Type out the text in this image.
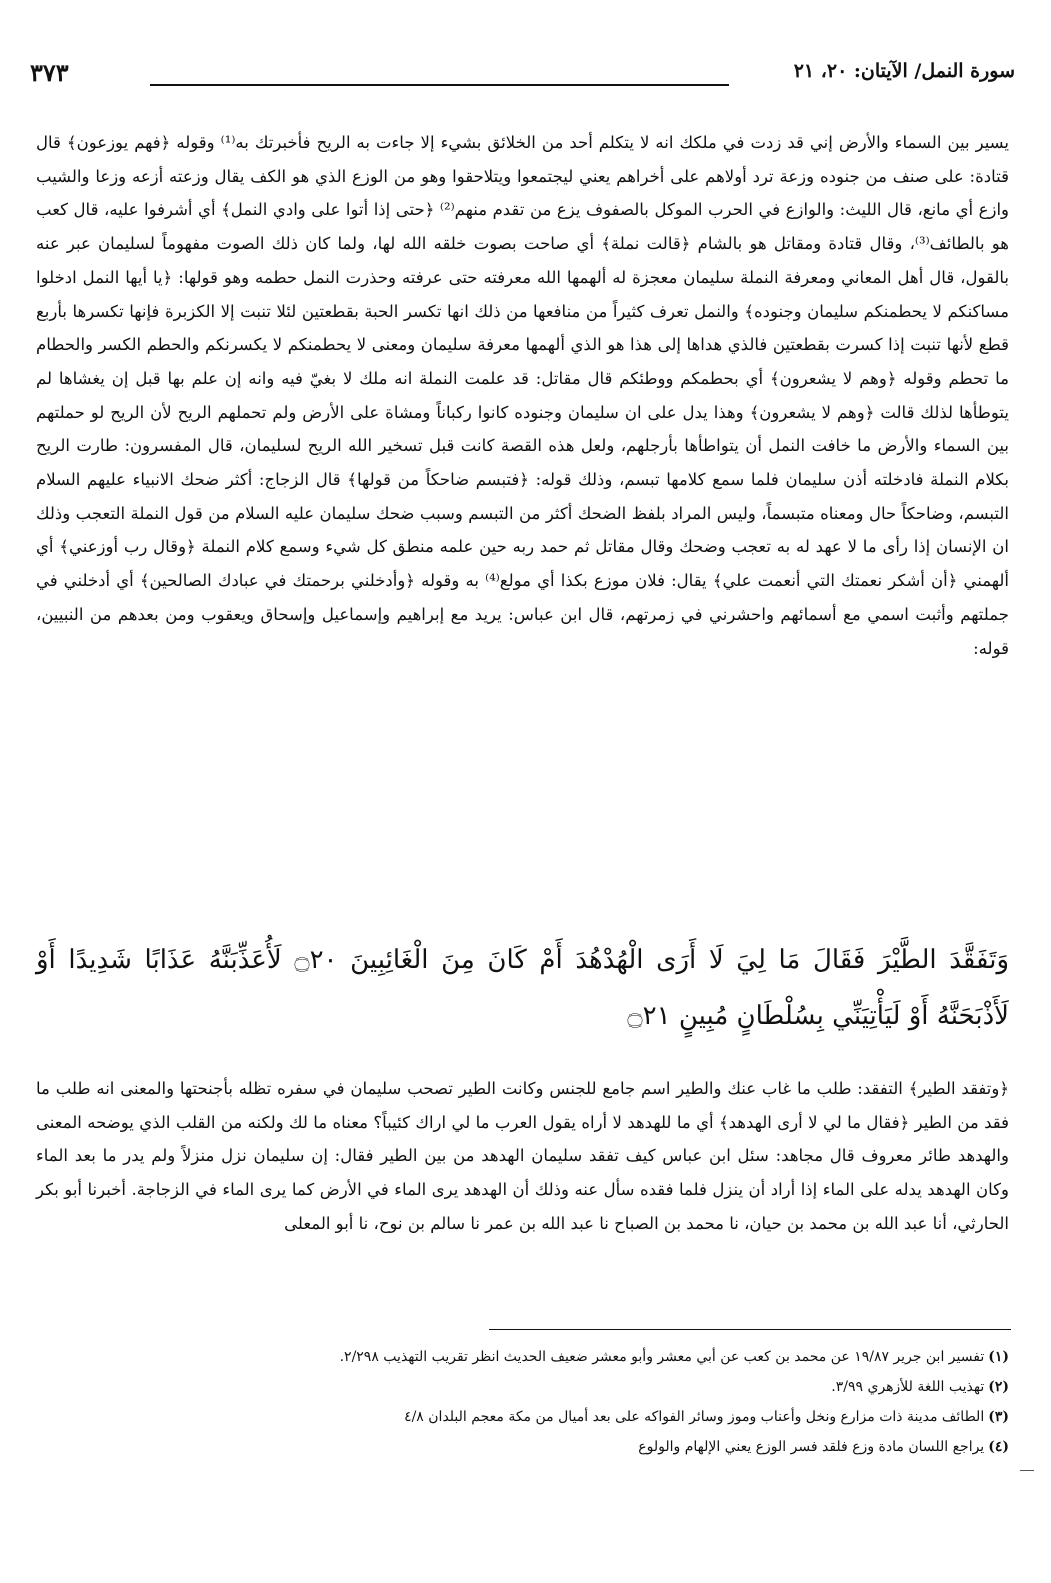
سورة النمل/ الآيتان: ٢٠، ٢١
٣٧٣

يسير بين السماء والأرض إني قد زدت في ملكك انه لا يتكلم أحد من الخلائق بشيء إلا جاءت به الريح فأخبرتك به⁽¹⁾ وقوله ﴿فهم يوزعون﴾ قال قتادة: على صنف من جنوده وزعة ترد أولاهم على أخراهم يعني ليجتمعوا ويتلاحقوا وهو من الوزع الذي هو الكف يقال وزعته أزعه وزعا والشيب وازع أي مانع، قال الليث: والوازع في الحرب الموكل بالصفوف يزع من تقدم منهم⁽²⁾ ﴿حتى إذا أتوا على وادي النمل﴾ أي أشرفوا عليه، قال كعب هو بالطائف⁽³⁾، وقال قتادة ومقاتل هو بالشام ﴿قالت نملة﴾ أي صاحت بصوت خلقه الله لها، ولما كان ذلك الصوت مفهوماً لسليمان عبر عنه بالقول، قال أهل المعاني ومعرفة النملة سليمان معجزة له ألهمها الله معرفته حتى عرفته وحذرت النمل حطمه وهو قولها: ﴿يا أيها النمل ادخلوا مساكنكم لا يحطمنكم سليمان وجنوده﴾ والنمل تعرف كثيراً من منافعها من ذلك انها تكسر الحبة بقطعتين لئلا تنبت إلا الكزبرة فإنها تكسرها بأربع قطع لأنها تنبت إذا كسرت بقطعتين فالذي هداها إلى هذا هو الذي ألهمها معرفة سليمان ومعنى لا يحطمنكم لا يكسرنكم والحطم الكسر والحطام ما تحطم وقوله ﴿وهم لا يشعرون﴾ أي بحطمكم ووطئكم قال مقاتل: قد علمت النملة انه ملك لا بغيّ فيه وانه إن علم بها قبل إن يغشاها لم يتوطأها لذلك قالت ﴿وهم لا يشعرون﴾ وهذا يدل على ان سليمان وجنوده كانوا ركباناً ومشاة على الأرض ولم تحملهم الريح لأن الريح لو حملتهم بين السماء والأرض ما خافت النمل أن يتواطأها بأرجلهم، ولعل هذه القصة كانت قبل تسخير الله الريح لسليمان، قال المفسرون: طارت الريح بكلام النملة فادخلته أذن سليمان فلما سمع كلامها تبسم، وذلك قوله: ﴿فتبسم ضاحكاً من قولها﴾ قال الزجاج: أكثر ضحك الانبياء عليهم السلام التبسم، وضاحكاً حال ومعناه متبسماً، وليس المراد بلفظ الضحك أكثر من التبسم وسبب ضحك سليمان عليه السلام من قول النملة التعجب وذلك ان الإنسان إذا رأى ما لا عهد له به تعجب وضحك وقال مقاتل ثم حمد ربه حين علمه منطق كل شيء وسمع كلام النملة ﴿وقال رب أوزعني﴾ أي ألهمني ﴿أن أشكر نعمتك التي أنعمت علي﴾ يقال: فلان موزع بكذا أي مولع⁽⁴⁾ به وقوله ﴿وأدخلني برحمتك في عبادك الصالحين﴾ أي أدخلني في جملتهم وأثبت اسمي مع أسمائهم واحشرني في زمرتهم، قال ابن عباس: يريد مع إبراهيم وإسماعيل وإسحاق ويعقوب ومن بعدهم من النبيين، قوله:

وَتَفَقَّدَ الطَّيْرَ فَقَالَ مَا لِيَ لَا أَرَى الْهُدْهُدَ أَمْ كَانَ مِنَ الْغَائِبِينَ ۝٢٠ لَأُعَذِّبَنَّهُ عَذَابًا شَدِيدًا أَوْ لَأَذْبَحَنَّهُ أَوْ لَيَأْتِيَنِّي بِسُلْطَانٍ مُبِينٍ ۝٢١

﴿وتفقد الطير﴾ التفقد: طلب ما غاب عنك والطير اسم جامع للجنس وكانت الطير تصحب سليمان في سفره تظله بأجنحتها والمعنى انه طلب ما فقد من الطير ﴿فقال ما لي لا أرى الهدهد﴾ أي ما للهدهد لا أراه يقول العرب ما لي اراك كئيباً؟ معناه ما لك ولكنه من القلب الذي يوضحه المعنى والهدهد طائر معروف قال مجاهد: سئل ابن عباس كيف تفقد سليمان الهدهد من بين الطير فقال: إن سليمان نزل منزلاً ولم يدر ما بعد الماء وكان الهدهد يدله على الماء إذا أراد أن ينزل فلما فقده سأل عنه وذلك أن الهدهد يرى الماء في الأرض كما يرى الماء في الزجاجة. أخبرنا أبو بكر الحارثي، أنا عبد الله بن محمد بن حيان، نا محمد بن الصباح نا عبد الله بن عمر نا سالم بن نوح، نا أبو المعلى

(١)تفسير ابن جرير ١٩/٨٧ عن محمد بن كعب عن أبي معشر وأبو معشر ضعيف الحديث انظر تقريب التهذيب ٢/٢٩٨.
(٢)تهذيب اللغة للأزهري ٣/٩٩.
(٣)الطائف مدينة ذات مزارع ونخل وأعناب وموز وسائر الفواكه على بعد أميال من مكة معجم البلدان ٤/٨
(٤)يراجع اللسان مادة وزع فلقد فسر الوزع يعني الإلهام والولوع
